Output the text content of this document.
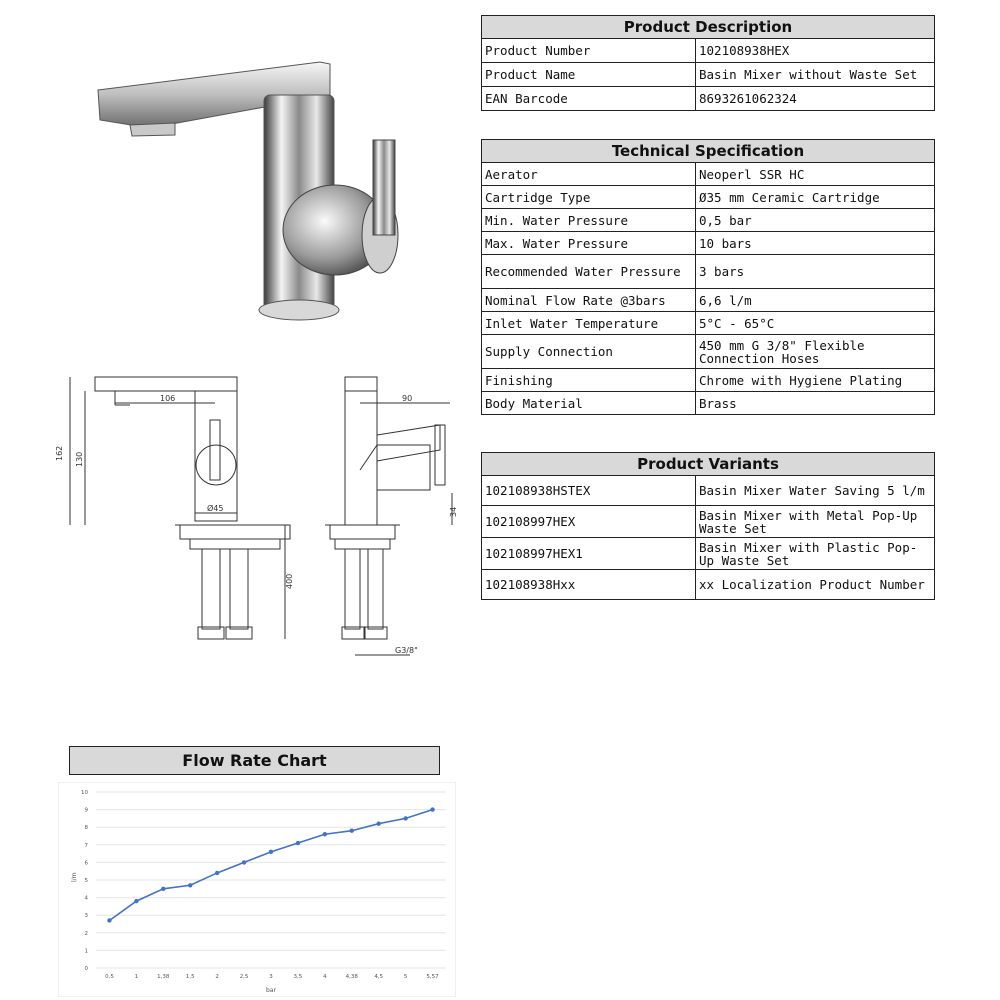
106
162 130
Ø45
90
34
400
G3/8"
Product Description	
Product Number	102108938HEX
Product Name	Basin Mixer without Waste Set
EAN Barcode	8693261062324
Technical Specification	
Aerator	Neoperl SSR HC
Cartridge Type	Ø35 mm Ceramic Cartridge
Min. Water Pressure	0,5 bar
Max. Water Pressure	10 bars
Recommended Water Pressure	3 bars
Nominal Flow Rate @3bars	6,6 l/m
Inlet Water Temperature	5°C - 65°C
Supply Connection	450 mm G 3/8" Flexible Connection Hoses
Finishing	Chrome with Hygiene Plating
Body Material	Brass
Product Variants	
102108938HSTEX	Basin Mixer Water Saving 5 l/m
102108997HEX	Basin Mixer with Metal Pop-Up Waste Set
102108997HEX1	Basin Mixer with Plastic Pop-Up Waste Set
102108938Hxx	xx Localization Product Number
Flow Rate Chart
0
1
2
3
4
5
6
7
8
9
10
0,5	1	1,38	1,5	2	2,5	3	3,5	4	4,38	4,5	5	5,57
l/m
bar
